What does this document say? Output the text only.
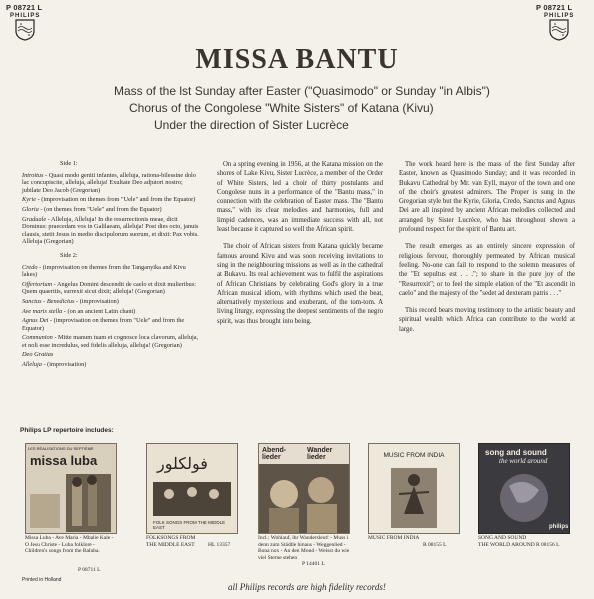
P 08721 L
PHILIPS
P 08721 L
PHILIPS
MISSA BANTU
Mass of the lst Sunday after Easter ("Quasimodo" or Sunday "in Albis")
Chorus of the Congolese "White Sisters" of Katana (Kivu)
Under the direction of Sister Lucrèce
Side 1:
Introitus - Quasi modo geniti infantes, alleluja, rationa-bilessine dolo lac concupiscite, alleluja, alleluja! Exultate Deo adjutori nostro; jubilate Deo Jacob (Gregorian)
Kyrie - (improvisation on themes from "Uele" and from the Equator)
Gloria - (on themes from "Uele" and from the Equator)
Graduale - Alleluja, Alleluja! In die resurrectionis meae, dicit Dominus: praecedam vos in Galilaeam, alleluja! Post dies octo, januis clausis, stetit Jesus in medio discipulorum suorum, et dixit: Pax vobis. Alleluja (Gregorian)
Side 2:
Credo - (improvisation on themes from the Tanganyika and Kivu lakes)
Offertorium - Angelus Domini descendit de caelo et dixit mulieribus: Quem quaeritis, surrexit sicut dixit; alleluja! (Gregorian)
Sanctus - Benedictus - (improvisation)
Ave maris stella - (on an ancient Latin chant)
Agnus Dei - (improvisation on themes from "Uele" and from the Equator)
Communion - Mitte manum tuam et cognosce loca clavorum, alleluja, et noli esse incredulus, sed fidelis alleluja, alleluja! (Gregorian)
Deo Gratias
Alleluja - (improvisation)

On a spring evening in 1956, at the Katana mission on the shores of Lake Kivu, Sister Lucrèce, a member of the Order of White Sisters, led a choir of thirty postulants and Congolese nuns in a performance of the "Bantu mass," in connection with the celebration of Easter mass. The "Bantu mass," with its clear melodies and harmonies, full and limpid cadences, was an immediate success with all, not least because it captured so well the African spirit.

The choir of African sisters from Katana quickly became famous around Kivu and was soon receiving invitations to sing in the neighbouring missions as well as in the cathedral at Bukavu. Its real achievement was to fulfil the aspirations of African Christians by celebrating God's glory in a true African musical idiom, with rhythms which used the beat, alternatively mysterious and exuberant, of the tom-tom. A living liturgy, expressing the deepest sentiments of the negro spirit, was thus brought into being.

The work heard here is the mass of the first Sunday after Easter, known as Quasimodo Sunday; and it was recorded in Bukavu Cathedral by Mr. van Eyll, mayor of the town and one of the choir's greatest admirers. The Proper is sung in the Gregorian style but the Kyrie, Gloria, Credo, Sanctus and Agnus Dei are all inspired by ancient African melodies collected and arranged by Sister Lucrèce, who has throughout shown a profound respect for the spirit of Bantu art.

The result emerges as an entirely sincere expression of religious fervour, thoroughly permeated by African musical feeling. No-one can fail to respond to the solemn measures of the "Et sepultus est . . ."; to share in the pure joy of the "Resurrexit"; or to feel the simple elation of the "Et ascendit in caelo" and the majesty of the "sedet ad dexteram patris . . ."

This record bears moving testimony to the artistic beauty and spiritual wealth which Africa can contribute to the world at large.

Philips LP repertoire includes:
LES RÉALISATIONS DU SEPTIÈME
missa luba
Missa Luba - Ave Maria - Mbalie Kale - O Jesu Christe - Luba folklore - Children's songs from the Baluba.
P 08711 L
فولكلور
FOLK SONGS FROM THE MIDDLE EAST
FOLKSONGS FROM THE MIDDLE EAST	HL 13357
Abend- lieder
Wander lieder
Incl.: Wohlauf, ihr Wandersleut! - Muss i denn zum Städtle hinaus - Weggenlied - Bona nox - An den Mond - Weisst du wie viel Sterne stehen
P 14401 L
MUSIC FROM INDIA
MUSIC FROM INDIA
R 08155 L
song and sound
the world around
philips
SONG AND SOUND THE WORLD AROUND R 08156 L
Printed in Holland
all Philips records are high fidelity records!
